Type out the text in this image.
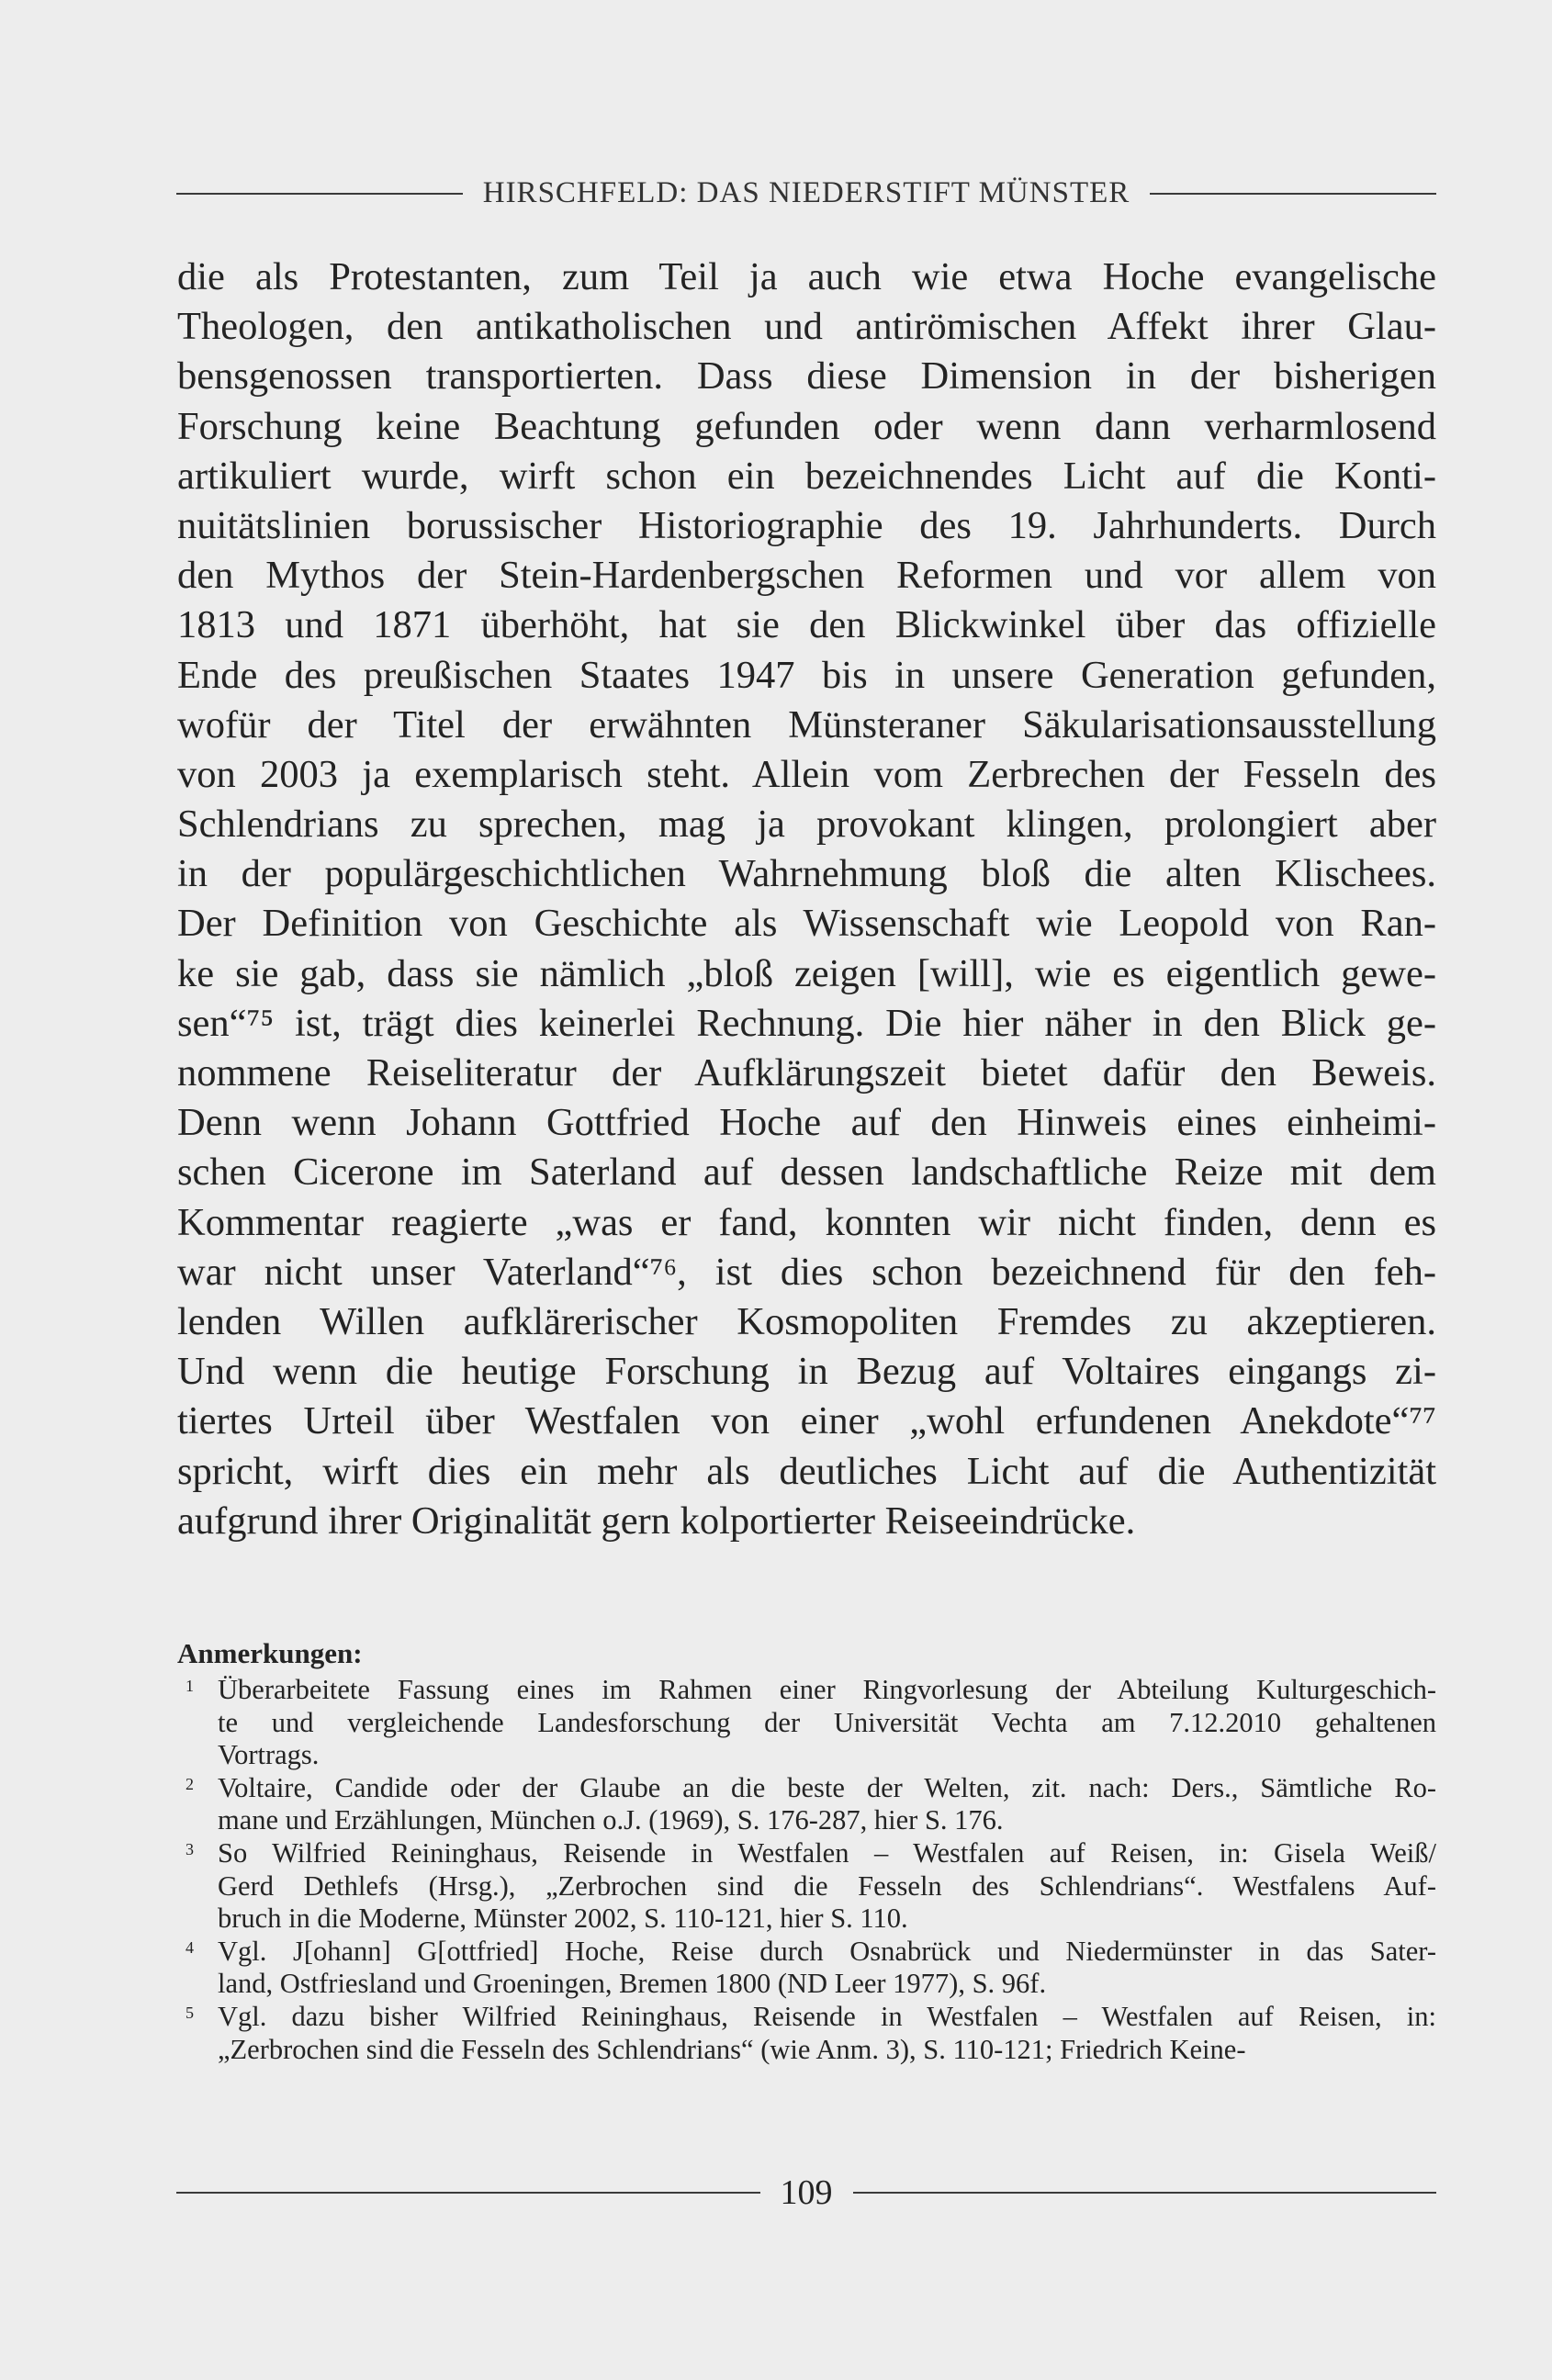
HIRSCHFELD: DAS NIEDERSTIFT MÜNSTER
die als Protestanten, zum Teil ja auch wie etwa Hoche evangelische
Theologen, den antikatholischen und antirömischen Affekt ihrer Glau-
bensgenossen transportierten. Dass diese Dimension in der bisherigen
Forschung keine Beachtung gefunden oder wenn dann verharmlosend
artikuliert wurde, wirft schon ein bezeichnendes Licht auf die Konti-
nuitätslinien borussischer Historiographie des 19. Jahrhunderts. Durch
den Mythos der Stein-Hardenbergschen Reformen und vor allem von
1813 und 1871 überhöht, hat sie den Blickwinkel über das offizielle
Ende des preußischen Staates 1947 bis in unsere Generation gefunden,
wofür der Titel der erwähnten Münsteraner Säkularisationsausstellung
von 2003 ja exemplarisch steht. Allein vom Zerbrechen der Fesseln des
Schlendrians zu sprechen, mag ja provokant klingen, prolongiert aber
in der populärgeschichtlichen Wahrnehmung bloß die alten Klischees.
Der Definition von Geschichte als Wissenschaft wie Leopold von Ran-
ke sie gab, dass sie nämlich „bloß zeigen [will], wie es eigentlich gewe-
sen“⁷⁵ ist, trägt dies keinerlei Rechnung. Die hier näher in den Blick ge-
nommene Reiseliteratur der Aufklärungszeit bietet dafür den Beweis.
Denn wenn Johann Gottfried Hoche auf den Hinweis eines einheimi-
schen Cicerone im Saterland auf dessen landschaftliche Reize mit dem
Kommentar reagierte „was er fand, konnten wir nicht finden, denn es
war nicht unser Vaterland“⁷⁶, ist dies schon bezeichnend für den feh-
lenden Willen aufklärerischer Kosmopoliten Fremdes zu akzeptieren.
Und wenn die heutige Forschung in Bezug auf Voltaires eingangs zi-
tiertes Urteil über Westfalen von einer „wohl erfundenen Anekdote“⁷⁷
spricht, wirft dies ein mehr als deutliches Licht auf die Authentizität
aufgrund ihrer Originalität gern kolportierter Reiseeindrücke.
Anmerkungen:
1 Überarbeitete Fassung eines im Rahmen einer Ringvorlesung der Abteilung Kulturgeschich-
te und vergleichende Landesforschung der Universität Vechta am 7.12.2010 gehaltenen
Vortrags.
2 Voltaire, Candide oder der Glaube an die beste der Welten, zit. nach: Ders., Sämtliche Ro-
mane und Erzählungen, München o.J. (1969), S. 176-287, hier S. 176.
3 So Wilfried Reininghaus, Reisende in Westfalen – Westfalen auf Reisen, in: Gisela Weiß/
Gerd Dethlefs (Hrsg.), „Zerbrochen sind die Fesseln des Schlendrians“. Westfalens Auf-
bruch in die Moderne, Münster 2002, S. 110-121, hier S. 110.
4 Vgl. J[ohann] G[ottfried] Hoche, Reise durch Osnabrück und Niedermünster in das Sater-
land, Ostfriesland und Groeningen, Bremen 1800 (ND Leer 1977), S. 96f.
5 Vgl. dazu bisher Wilfried Reininghaus, Reisende in Westfalen – Westfalen auf Reisen, in:
„Zerbrochen sind die Fesseln des Schlendrians“ (wie Anm. 3), S. 110-121; Friedrich Keine-
109
